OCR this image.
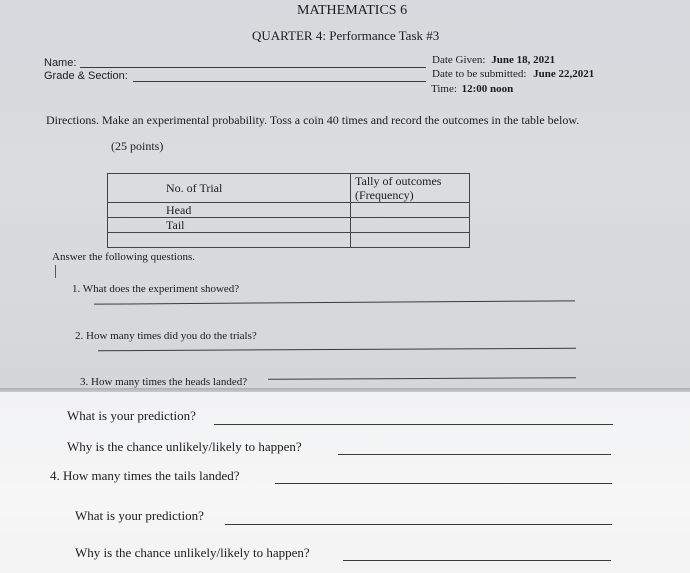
MATHEMATICS 6
QUARTER 4: Performance Task #3
Name:
Grade & Section:
Date Given: June 18, 2021
Date to be submitted: June 22,2021
Time: 12:00 noon
Directions. Make an experimental probability. Toss a coin 40 times and record the outcomes in the table below.
(25 points)
No. of Trial	Tally of outcomes (Frequency)
Head	
Tail	

Answer the following questions.
1. What does the experiment showed?
2. How many times did you do the trials?
3. How many times the heads landed?
What is your prediction?
Why is the chance unlikely/likely to happen?
4. How many times the tails landed?
What is your prediction?
Why is the chance unlikely/likely to happen?
